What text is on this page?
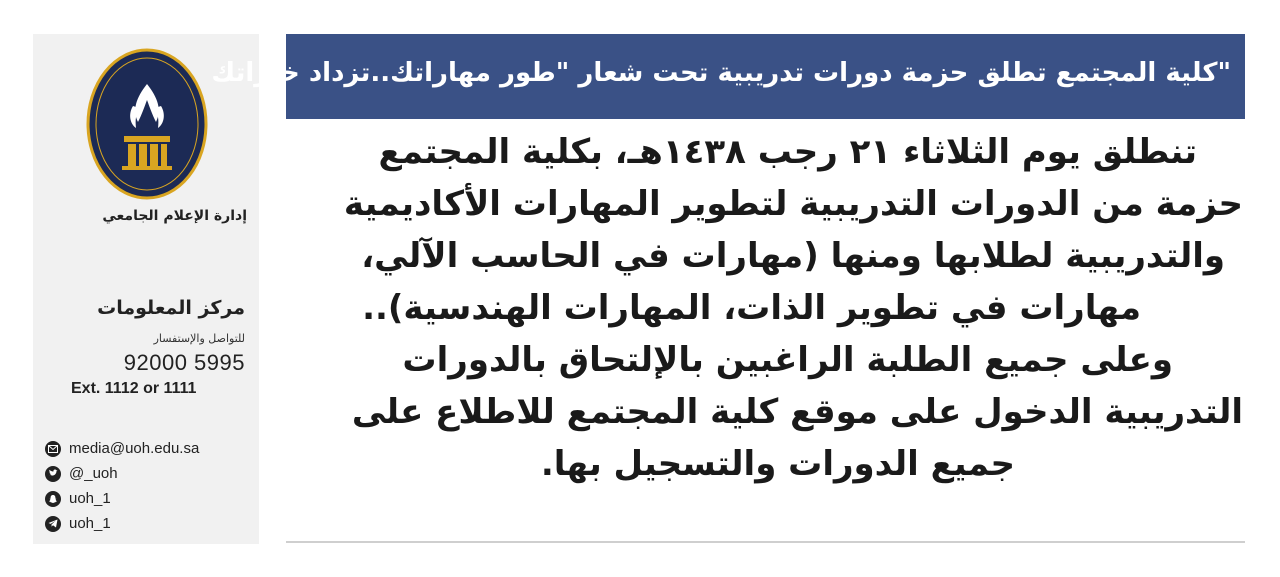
إدارة الإعلام الجامعي
مركز المعلومات
للتواصل والإستفسار
92000 5995
Ext. 1112 or 1111
media@uoh.edu.sa
@_uoh
uoh_1
uoh_1
"كلية المجتمع تطلق حزمة دورات تدريبية تحت شعار "طور مهاراتك..تزداد خبراتك
تنطلق يوم الثلاثاء ٢١ رجب ١٤٣٨هـ، بكلية المجتمع
حزمة من الدورات التدريبية لتطوير المهارات الأكاديمية
والتدريبية لطلابها ومنها (مهارات في الحاسب الآلي،
مهارات في تطوير الذات، المهارات الهندسية)..
وعلى جميع الطلبة الراغبين بالإلتحاق بالدورات
التدريبية الدخول على موقع كلية المجتمع للاطلاع على
جميع الدورات والتسجيل بها.
